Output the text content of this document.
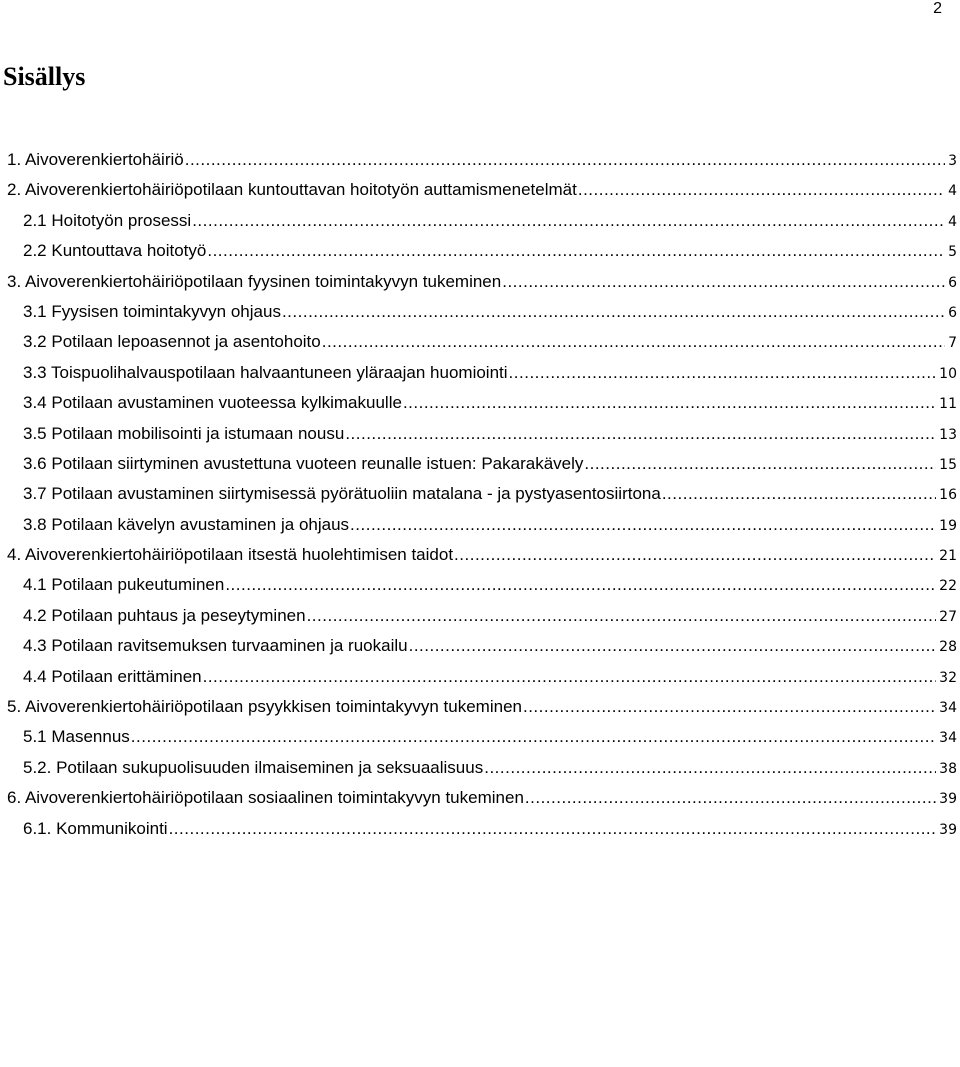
2
Sisällys
1. Aivoverenkiertohäiriö .....	3
2. Aivoverenkiertohäiriöpotilaan kuntouttavan hoitotyön auttamismenetelmät .....	4
2.1 Hoitotyön prosessi .....	4
2.2 Kuntouttava hoitotyö .....	5
3. Aivoverenkiertohäiriöpotilaan fyysinen toimintakyvyn tukeminen .....	6
3.1 Fyysisen toimintakyvyn ohjaus .....	6
3.2 Potilaan lepoasennot ja asentohoito .....	7
3.3 Toispuolihalvauspotilaan halvaantuneen yläraajan huomiointi .....	10
3.4 Potilaan avustaminen vuoteessa kylkimakuulle .....	11
3.5 Potilaan mobilisointi ja istumaan nousu .....	13
3.6 Potilaan siirtyminen avustettuna vuoteen reunalle istuen: Pakarakävely .....	15
3.7 Potilaan avustaminen siirtymisessä pyörätuoliin matalana - ja pystyasentosiirtona .....	16
3.8 Potilaan kävelyn avustaminen ja ohjaus .....	19
4. Aivoverenkiertohäiriöpotilaan itsestä huolehtimisen taidot .....	21
4.1 Potilaan pukeutuminen .....	22
4.2 Potilaan puhtaus ja peseytyminen .....	27
4.3 Potilaan ravitsemuksen turvaaminen ja ruokailu .....	28
4.4 Potilaan erittäminen .....	32
5. Aivoverenkiertohäiriöpotilaan psyykkisen toimintakyvyn tukeminen .....	34
5.1 Masennus .....	34
5.2. Potilaan sukupuolisuuden ilmaiseminen ja seksuaalisuus .....	38
6. Aivoverenkiertohäiriöpotilaan sosiaalinen toimintakyvyn tukeminen .....	39
6.1. Kommunikointi .....	39
